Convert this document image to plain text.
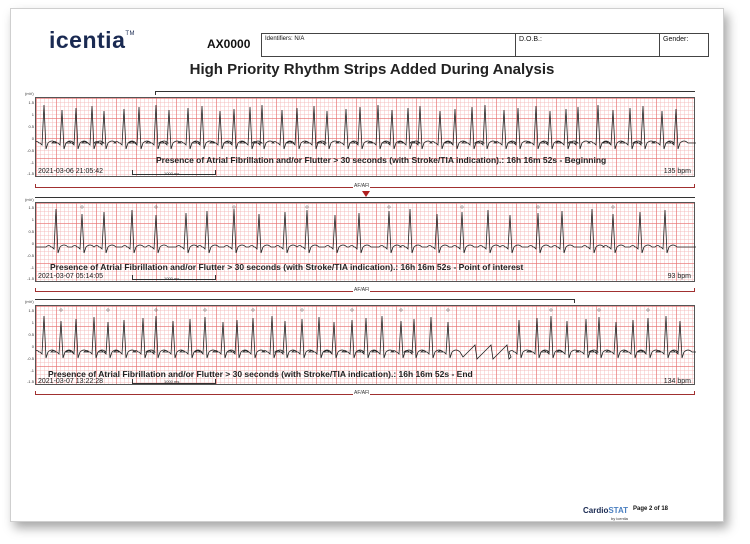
icentia™
AX0000	Identifiers: N/A	D.O.B.:	Gender:
High Priority Rhythm Strips Added During Analysis
(mV)
1.5
1
0.5
0
-0.5
-1
-1.5
Presence of Atrial Fibrillation and/or Flutter > 30 seconds (with Stroke/TIA indication).: 16h 16m 52s - Beginning
2021-03-06 21:05:42	1000 ms	135 bpm
AF/AFl
(mV)
1.5
1
0.5
0
-0.5
-1
-1.5
Presence of Atrial Fibrillation and/or Flutter > 30 seconds (with Stroke/TIA indication).: 16h 16m 52s - Point of interest
2021-03-07 05:14:05	1000 ms	93 bpm
AF/AFl
(mV)
1.5
1
0.5
0
-0.5
-1
-1.5
Presence of Atrial Fibrillation and/or Flutter > 30 seconds (with Stroke/TIA indication).: 16h 16m 52s - End
2021-03-07 13:22:28	1000 ms	134 bpm
AF/AFl
CardioSTAT
by icentia
Page 2 of 18
